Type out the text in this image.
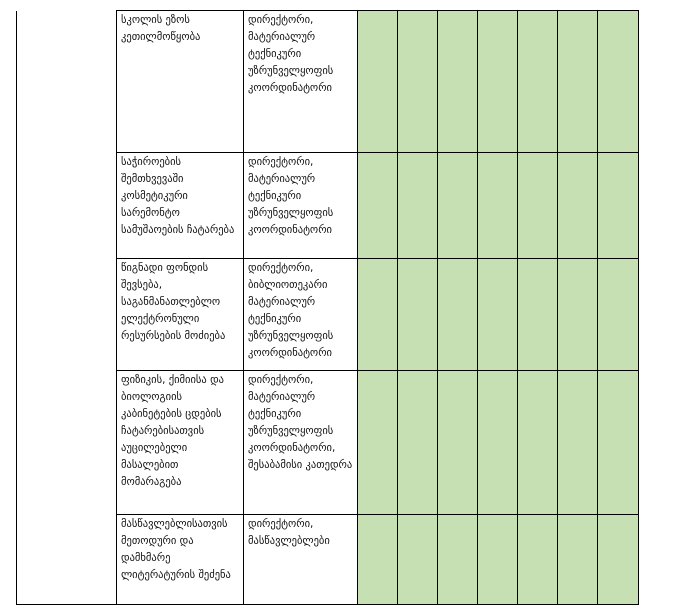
	სკოლის ეზოს კეთილმოწყობა	დირექტორი, მატერიალურ ტექნიკური უზრუნველყოფის კოორდინატორი							
	საჭიროების შემთხვევაში კოსმეტიკური სარემონტო სამუშაოების ჩატარება	დირექტორი, მატერიალურ ტექნიკური უზრუნველყოფის კოორდინატორი							
	წიგნადი ფონდის შევსება, საგანმანათლებლო ელექტრონული რესურსების მოძიება	დირექტორი, ბიბლიოთეკარი მატერიალურ ტექნიკური უზრუნველყოფის კოორდინატორი							
	ფიზიკის, ქიმიისა და ბიოლოგიის კაბინეტების ცდების ჩატარებისათვის აუცილებელი მასალებით მომარაგება	დირექტორი, მატერიალურ ტექნიკური უზრუნველყოფის კოორდინატორი, შესაბამისი კათედრა							
	მასწავლებლისათვის მეთოდური და დამხმარე ლიტერატურის შეძენა	დირექტორი, მასწავლებლები							
